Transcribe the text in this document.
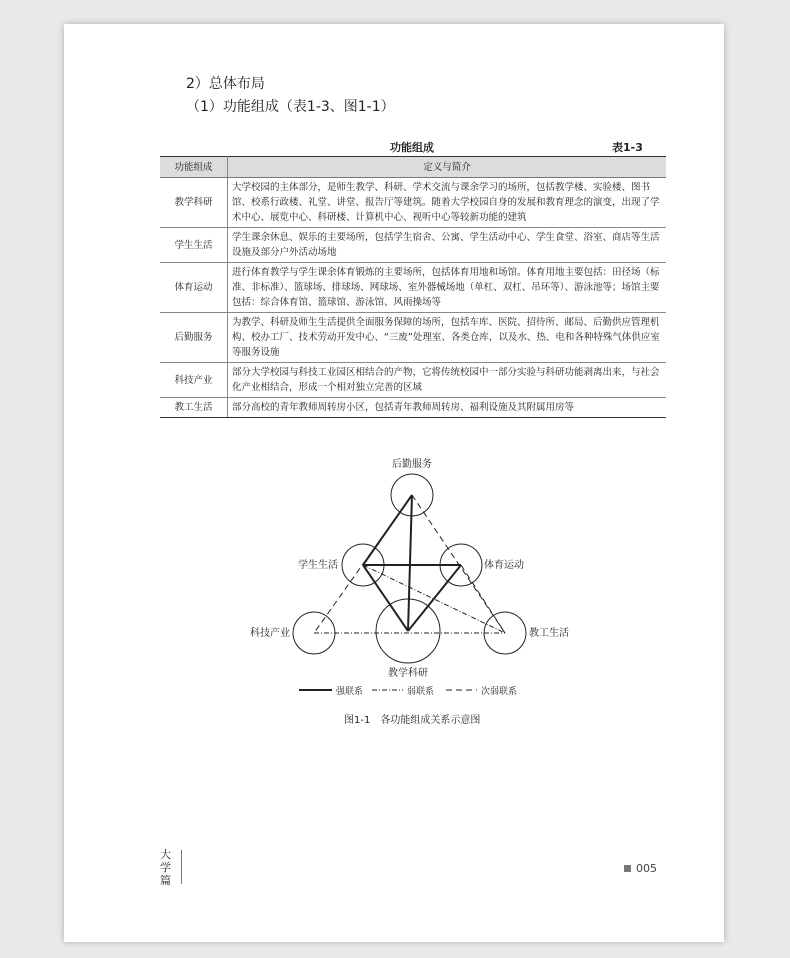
2）总体布局
（1）功能组成（表1-3、图1-1）
功能组成	表1-3
功能组成	定义与简介
教学科研	大学校园的主体部分，是师生教学、科研、学术交流与课余学习的场所，包括教学楼、实验楼、图书馆、校系行政楼、礼堂、讲堂、报告厅等建筑。随着大学校园自身的发展和教育理念的演变，出现了学术中心、展览中心、科研楼、计算机中心、视听中心等较新功能的建筑
学生生活	学生课余休息、娱乐的主要场所，包括学生宿舍、公寓、学生活动中心、学生食堂、浴室、商店等生活设施及部分户外活动场地
体育运动	进行体育教学与学生课余体育锻炼的主要场所，包括体育用地和场馆。体育用地主要包括：田径场（标准、非标准）、篮球场、排球场、网球场、室外器械场地（单杠、双杠、吊环等）、游泳池等；场馆主要包括：综合体育馆、篮球馆、游泳馆、风雨操场等
后勤服务	为教学、科研及师生生活提供全面服务保障的场所，包括车库、医院、招待所、邮局、后勤供应管理机构、校办工厂、技术劳动开发中心、“三废”处理室、各类仓库，以及水、热、电和各种特殊气体供应室等服务设施
科技产业	部分大学校园与科技工业园区相结合的产物，它将传统校园中一部分实验与科研功能剥离出来，与社会化产业相结合，形成一个相对独立完善的区域
教工生活	部分高校的青年教师周转房小区，包括青年教师周转房、福利设施及其附属用房等
后勤服务
学生生活	体育运动
科技产业	教工生活
教学科研
强联系	弱联系	次弱联系
图1-1　各功能组成关系示意图
大学篇
005
